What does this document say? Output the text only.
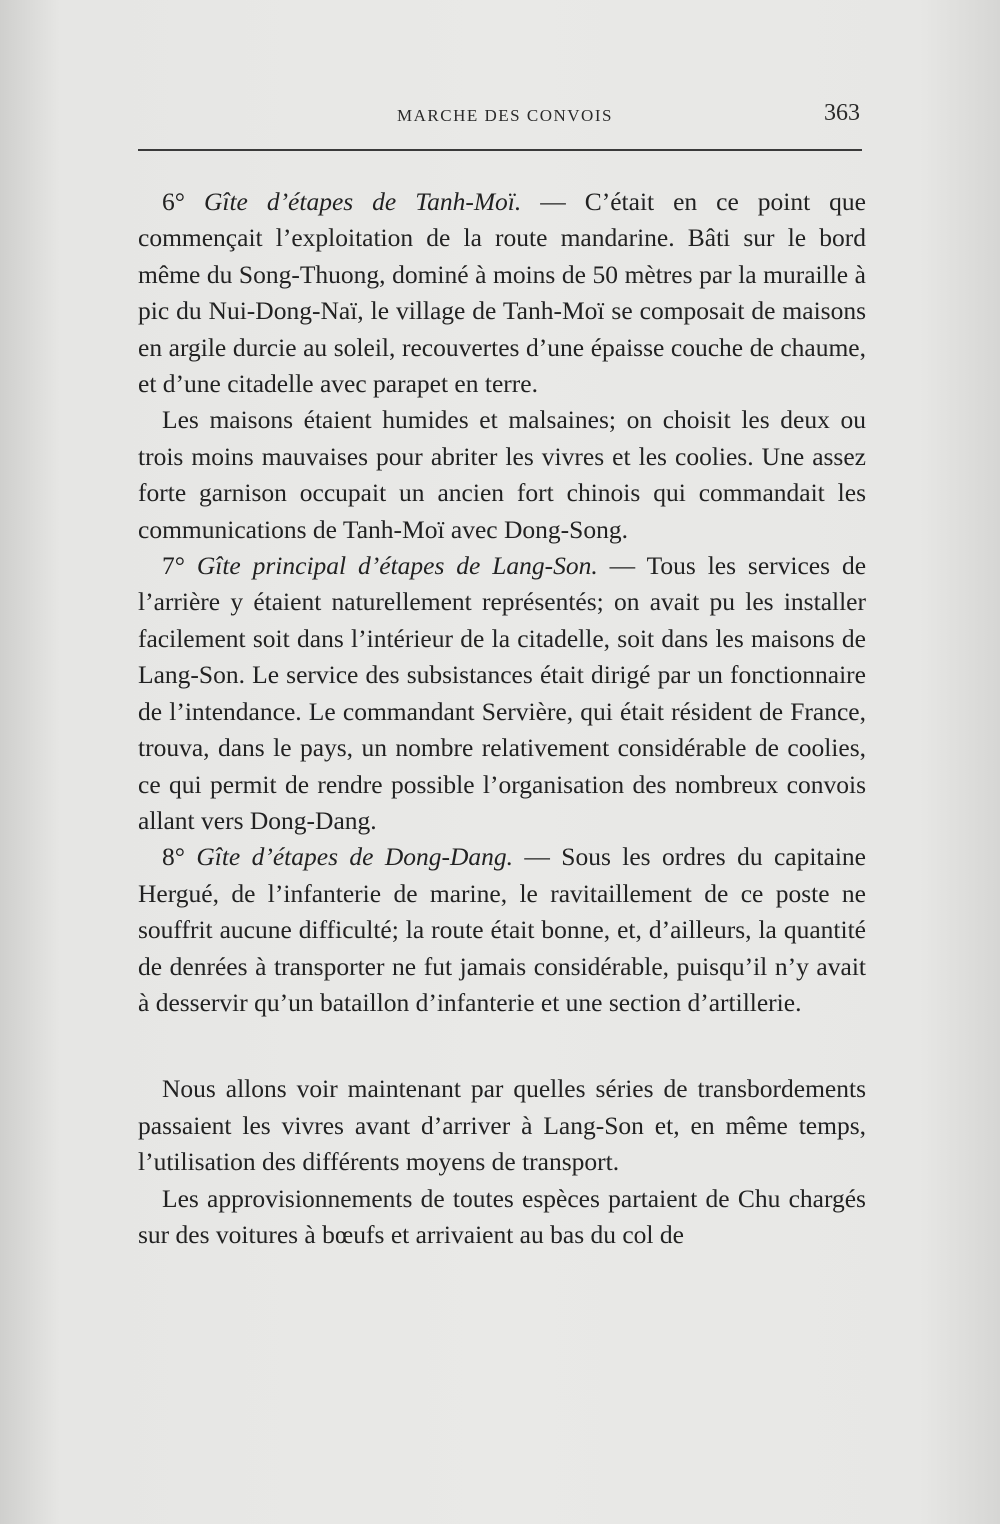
MARCHE DES CONVOIS	363

6° Gîte d’étapes de Tanh-Moï. — C’était en ce point que commençait l’exploitation de la route mandarine. Bâti sur le bord même du Song-Thuong, dominé à moins de 50 mètres par la muraille à pic du Nui-Dong-Naï, le village de Tanh-Moï se composait de maisons en argile durcie au soleil, recouvertes d’une épaisse couche de chaume, et d’une citadelle avec parapet en terre.

Les maisons étaient humides et malsaines; on choisit les deux ou trois moins mauvaises pour abriter les vivres et les coolies. Une assez forte garnison occupait un ancien fort chinois qui commandait les communications de Tanh-Moï avec Dong-Song.

7° Gîte principal d’étapes de Lang-Son. — Tous les services de l’arrière y étaient naturellement représentés; on avait pu les installer facilement soit dans l’intérieur de la citadelle, soit dans les maisons de Lang-Son. Le service des subsistances était dirigé par un fonctionnaire de l’intendance. Le commandant Servière, qui était résident de France, trouva, dans le pays, un nombre relativement considérable de coolies, ce qui permit de rendre possible l’organisation des nombreux convois allant vers Dong-Dang.

8° Gîte d’étapes de Dong-Dang. — Sous les ordres du capitaine Hergué, de l’infanterie de marine, le ravitaillement de ce poste ne souffrit aucune difficulté; la route était bonne, et, d’ailleurs, la quantité de denrées à transporter ne fut jamais considérable, puisqu’il n’y avait à desservir qu’un bataillon d’infanterie et une section d’artillerie.

Nous allons voir maintenant par quelles séries de transbordements passaient les vivres avant d’arriver à Lang-Son et, en même temps, l’utilisation des différents moyens de transport.

Les approvisionnements de toutes espèces partaient de Chu chargés sur des voitures à bœufs et arrivaient au bas du col de
